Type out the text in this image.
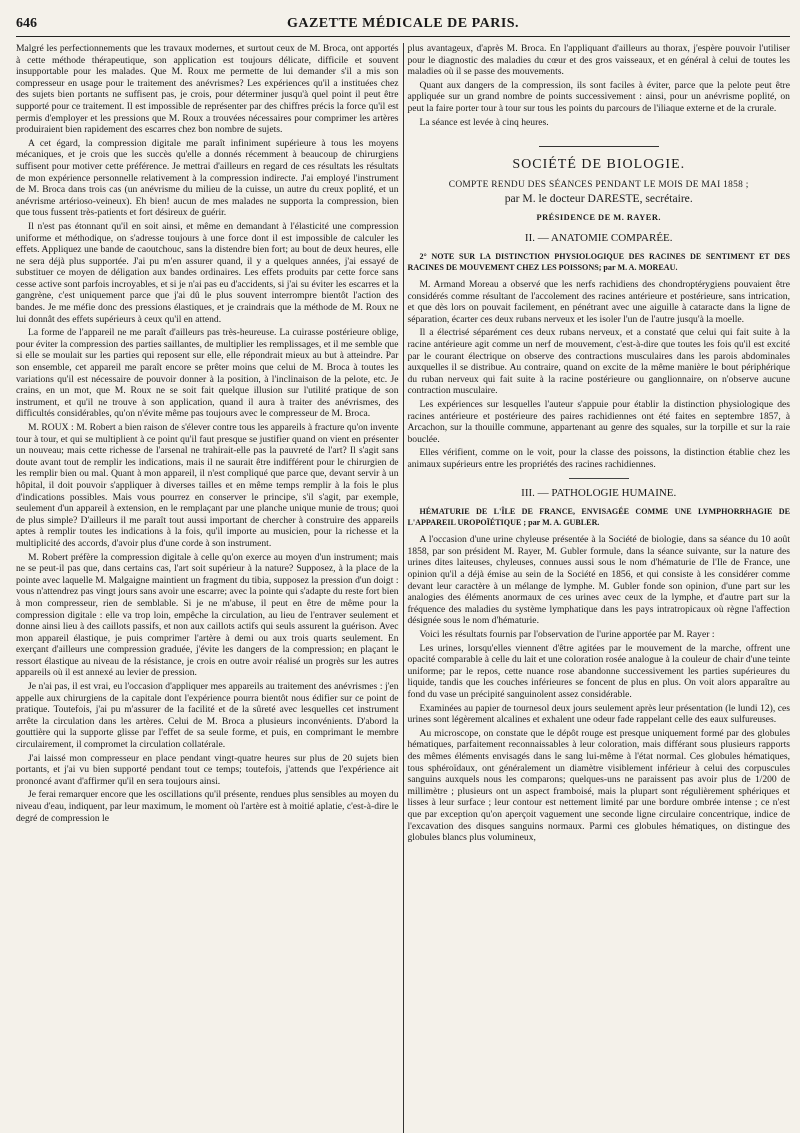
646	GAZETTE MÉDICALE DE PARIS.

Malgré les perfectionnements que les travaux modernes, et surtout ceux de M. Broca, ont apportés à cette méthode thérapeutique, son application est toujours délicate, difficile et souvent insupportable pour les malades. Que M. Roux me permette de lui demander s'il a mis son compresseur en usage pour le traitement des anévrismes? Les expériences qu'il a instituées chez des sujets bien portants ne suffisent pas, je crois, pour déterminer jusqu'à quel point il peut être supporté pour ce traitement. Il est impossible de représenter par des chiffres précis la force qu'il est permis d'employer et les pressions que M. Roux a trouvées nécessaires pour comprimer les artères produiraient bien rapidement des escarres chez bon nombre de sujets.

A cet égard, la compression digitale me paraît infiniment supérieure à tous les moyens mécaniques, et je crois que les succès qu'elle a donnés récemment à beaucoup de chirurgiens suffisent pour motiver cette préférence. Je mettrai d'ailleurs en regard de ces résultats les résultats de mon expérience personnelle relativement à la compression indirecte. J'ai employé l'instrument de M. Broca dans trois cas (un anévrisme du milieu de la cuisse, un autre du creux poplité, et un anévrisme artérioso-veineux). Eh bien! aucun de mes malades ne supporta la compression, bien que tous fussent très-patients et fort désireux de guérir.

Il n'est pas étonnant qu'il en soit ainsi, et même en demandant à l'élasticité une compression uniforme et méthodique, on s'adresse toujours à une force dont il est impossible de calculer les effets. Appliquez une bande de caoutchouc, sans la distendre bien fort; au bout de deux heures, elle ne sera déjà plus supportée. J'ai pu m'en assurer quand, il y a quelques années, j'ai essayé de substituer ce moyen de déligation aux bandes ordinaires. Les effets produits par cette force sans cesse active sont parfois incroyables, et si je n'ai pas eu d'accidents, si j'ai su éviter les escarres et la gangrène, c'est uniquement parce que j'ai dû le plus souvent interrompre bientôt l'action des bandes. Je me méfie donc des pressions élastiques, et je craindrais que la méthode de M. Roux ne lui donnât des effets supérieurs à ceux qu'il en attend.

La forme de l'appareil ne me paraît d'ailleurs pas très-heureuse. La cuirasse postérieure oblige, pour éviter la compression des parties saillantes, de multiplier les remplissages, et il me semble que si elle se moulait sur les parties qui reposent sur elle, elle répondrait mieux au but à atteindre. Par son ensemble, cet appareil me paraît encore se prêter moins que celui de M. Broca à toutes les variations qu'il est nécessaire de pouvoir donner à la position, à l'inclinaison de la pelote, etc. Je crains, en un mot, que M. Roux ne se soit fait quelque illusion sur l'utilité pratique de son instrument, et qu'il ne trouve à son application, quand il aura à traiter des anévrismes, des difficultés considérables, qu'on n'évite même pas toujours avec le compresseur de M. Broca.

M. ROUX : M. Robert a bien raison de s'élever contre tous les appareils à fracture qu'on invente tour à tour, et qui se multiplient à ce point qu'il faut presque se justifier quand on vient en présenter un nouveau; mais cette richesse de l'arsenal ne trahirait-elle pas la pauvreté de l'art? Il s'agit sans doute avant tout de remplir les indications, mais il ne saurait être indifférent pour le chirurgien de les remplir bien ou mal. Quant à mon appareil, il n'est compliqué que parce que, devant servir à un hôpital, il doit pouvoir s'appliquer à diverses tailles et en même temps remplir à la fois le plus d'indications possibles. Mais vous pourrez en conserver le principe, s'il s'agit, par exemple, seulement d'un appareil à extension, en le remplaçant par une planche unique munie de trous; quoi de plus simple? D'ailleurs il me paraît tout aussi important de chercher à construire des appareils aptes à remplir toutes les indications à la fois, qu'il importe au musicien, pour la richesse et la multiplicité des accords, d'avoir plus d'une corde à son instrument.

M. Robert préfère la compression digitale à celle qu'on exerce au moyen d'un instrument; mais ne se peut-il pas que, dans certains cas, l'art soit supérieur à la nature? Supposez, à la place de la pointe avec laquelle M. Malgaigne maintient un fragment du tibia, supposez la pression d'un doigt : vous n'attendrez pas vingt jours sans avoir une escarre; avec la pointe qui s'adapte du reste fort bien à mon compresseur, rien de semblable. Si je ne m'abuse, il peut en être de même pour la compression digitale : elle va trop loin, empêche la circulation, au lieu de l'entraver seulement et donne ainsi lieu à des caillots passifs, et non aux caillots actifs qui seuls assurent la guérison. Avec mon appareil élastique, je puis comprimer l'artère à demi ou aux trois quarts seulement. En exerçant d'ailleurs une compression graduée, j'évite les dangers de la compression; en plaçant le ressort élastique au niveau de la résistance, je crois en outre avoir réalisé un progrès sur les autres appareils où il est annexé au levier de pression.

Je n'ai pas, il est vrai, eu l'occasion d'appliquer mes appareils au traitement des anévrismes : j'en appelle aux chirurgiens de la capitale dont l'expérience pourra bientôt nous édifier sur ce point de pratique. Toutefois, j'ai pu m'assurer de la facilité et de la sûreté avec lesquelles cet instrument arrête la circulation dans les artères. Celui de M. Broca a plusieurs inconvénients. D'abord la gouttière qui la supporte glisse par l'effet de sa seule forme, et puis, en comprimant le membre circulairement, il compromet la circulation collatérale.

J'ai laissé mon compresseur en place pendant vingt-quatre heures sur plus de 20 sujets bien portants, et j'ai vu bien supporté pendant tout ce temps; toutefois, j'attends que l'expérience ait prononcé avant d'affirmer qu'il en sera toujours ainsi.

Je ferai remarquer encore que les oscillations qu'il présente, rendues plus sensibles au moyen du niveau d'eau, indiquent, par leur maximum, le moment où l'artère est à moitié aplatie, c'est-à-dire le degré de compression le

plus avantageux, d'après M. Broca. En l'appliquant d'ailleurs au thorax, j'espère pouvoir l'utiliser pour le diagnostic des maladies du cœur et des gros vaisseaux, et en général à celui de toutes les maladies où il se passe des mouvements.

Quant aux dangers de la compression, ils sont faciles à éviter, parce que la pelote peut être appliquée sur un grand nombre de points successivement : ainsi, pour un anévrisme poplité, on peut la faire porter tour à tour sur tous les points du parcours de l'iliaque externe et de la crurale.

La séance est levée à cinq heures.

SOCIÉTÉ DE BIOLOGIE.
COMPTE RENDU DES SÉANCES PENDANT LE MOIS DE MAI 1858 ;
par M. le docteur DARESTE, secrétaire.
PRÉSIDENCE DE M. RAYER.
II. — ANATOMIE COMPARÉE.
2° NOTE SUR LA DISTINCTION PHYSIOLOGIQUE DES RACINES DE SENTIMENT ET DES RACINES DE MOUVEMENT CHEZ LES POISSONS; par M. A. MOREAU.

M. Armand Moreau a observé que les nerfs rachidiens des chondroptérygiens pouvaient être considérés comme résultant de l'accolement des racines antérieure et postérieure, sans intrication, et que dès lors on pouvait facilement, en pénétrant avec une aiguille à cataracte dans la ligne de séparation, écarter ces deux rubans nerveux et les isoler l'un de l'autre jusqu'à la moelle.

Il a électrisé séparément ces deux rubans nerveux, et a constaté que celui qui fait suite à la racine antérieure agit comme un nerf de mouvement, c'est-à-dire que toutes les fois qu'il est excité par le courant électrique on observe des contractions musculaires dans les parois abdominales auxquelles il se distribue. Au contraire, quand on excite de la même manière le bout périphérique du ruban nerveux qui fait suite à la racine postérieure ou ganglionnaire, on n'observe aucune contraction musculaire.

Les expériences sur lesquelles l'auteur s'appuie pour établir la distinction physiologique des racines antérieure et postérieure des paires rachidiennes ont été faites en septembre 1857, à Arcachon, sur la thouille commune, appartenant au genre des squales, sur la torpille et sur la raie bouclée.

Elles vérifient, comme on le voit, pour la classe des poissons, la distinction établie chez les animaux supérieurs entre les propriétés des racines rachidiennes.

III. — PATHOLOGIE HUMAINE.
HÉMATURIE DE L'ÎLE DE FRANCE, ENVISAGÉE COMME UNE LYMPHORRHAGIE DE L'APPAREIL UROPOÏÉTIQUE ; par M. A. GUBLER.

A l'occasion d'une urine chyleuse présentée à la Société de biologie, dans sa séance du 10 août 1858, par son président M. Rayer, M. Gubler formule, dans la séance suivante, sur la nature des urines dites laiteuses, chyleuses, connues aussi sous le nom d'hématurie de l'Ile de France, une opinion qu'il a déjà émise au sein de la Société en 1856, et qui consiste à les considérer comme devant leur caractère à un mélange de lymphe. M. Gubler fonde son opinion, d'une part sur les analogies des éléments anormaux de ces urines avec ceux de la lymphe, et d'autre part sur la fréquence des maladies du système lymphatique dans les pays intratropicaux où règne l'affection désignée sous le nom d'hématurie.

Voici les résultats fournis par l'observation de l'urine apportée par M. Rayer :

Les urines, lorsqu'elles viennent d'être agitées par le mouvement de la marche, offrent une opacité comparable à celle du lait et une coloration rosée analogue à la couleur de chair d'une teinte uniforme; par le repos, cette nuance rose abandonne successivement les parties supérieures du liquide, tandis que les couches inférieures se foncent de plus en plus. On voit alors apparaître au fond du vase un précipité sanguinolent assez considérable.

Examinées au papier de tournesol deux jours seulement après leur présentation (le lundi 12), ces urines sont légèrement alcalines et exhalent une odeur fade rappelant celle des eaux sulfureuses.

Au microscope, on constate que le dépôt rouge est presque uniquement formé par des globules hématiques, parfaitement reconnaissables à leur coloration, mais différant sous plusieurs rapports des mêmes éléments envisagés dans le sang lui-même à l'état normal. Ces globules hématiques, tous sphéroïdaux, ont généralement un diamètre visiblement inférieur à celui des corpuscules sanguins auxquels nous les comparons; quelques-uns ne paraissent pas avoir plus de 1/200 de millimètre ; plusieurs ont un aspect framboisé, mais la plupart sont régulièrement sphériques et lisses à leur surface ; leur contour est nettement limité par une bordure ombrée intense ; ce n'est que par exception qu'on aperçoit vaguement une seconde ligne circulaire concentrique, indice de l'excavation des disques sanguins normaux. Parmi ces globules hématiques, on distingue des globules blancs plus volumineux,
